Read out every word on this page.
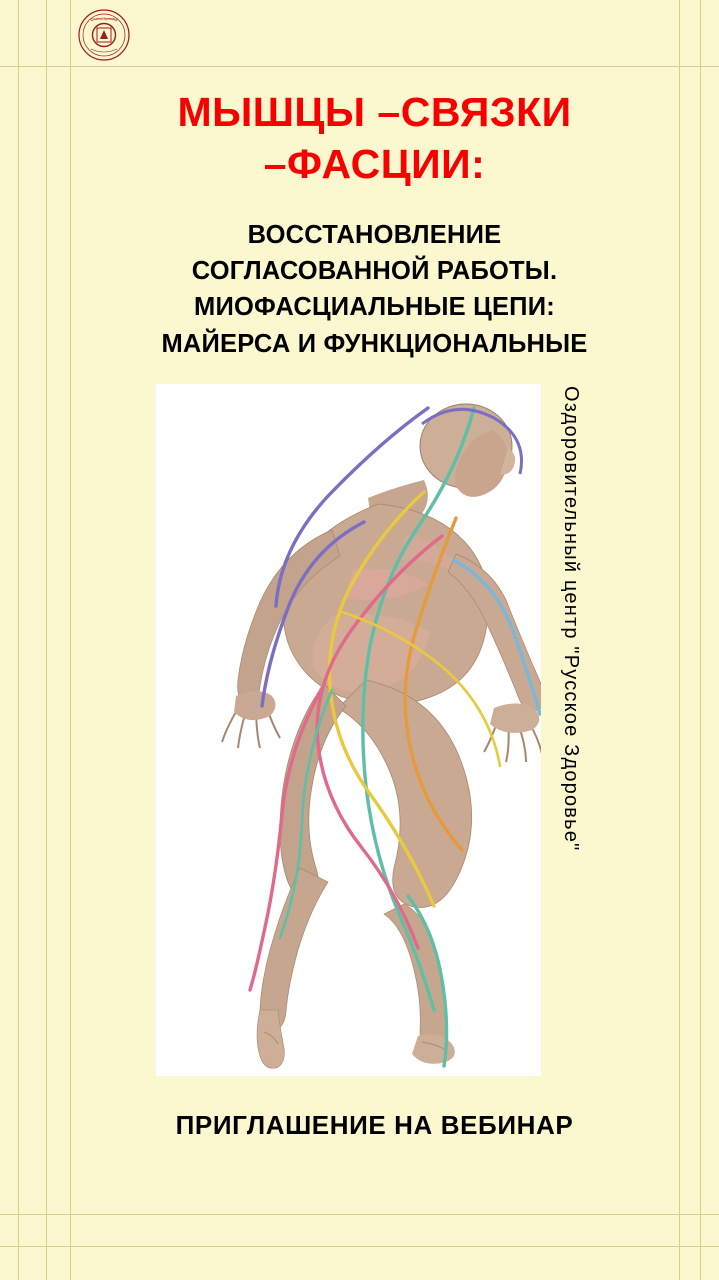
РУССКОЕ ЗДОРОВЬЕ
МЫШЦЫ –СВЯЗКИ
–ФАСЦИИ:
ВОССТАНОВЛЕНИЕ
СОГЛАСОВАННОЙ РАБОТЫ.
МИОФАСЦИАЛЬНЫЕ ЦЕПИ:
МАЙЕРСА И ФУНКЦИОНАЛЬНЫЕ
Оздоровительный центр "Русское Здоровье"
ПРИГЛАШЕНИЕ НА ВЕБИНАР
